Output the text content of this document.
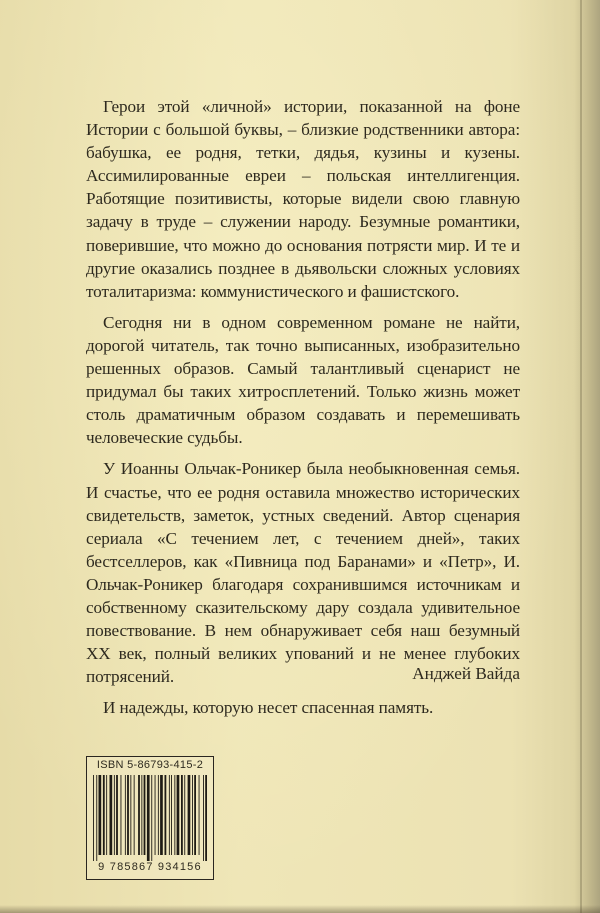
Герои этой «личной» истории, показанной на фоне Истории с большой буквы, – близкие родственники автора: бабушка, ее родня, тетки, дядья, кузины и кузены. Ассимилированные евреи – польская интеллигенция. Работящие позитивисты, которые видели свою главную задачу в труде – служении народу. Безумные романтики, поверившие, что можно до основания потрясти мир. И те и другие оказались позднее в дьявольски сложных условиях тоталитаризма: коммунистического и фашистского.

Сегодня ни в одном современном романе не найти, дорогой читатель, так точно выписанных, изобразительно решенных образов. Самый талантливый сценарист не придумал бы таких хитросплетений. Только жизнь может столь драматичным образом создавать и перемешивать человеческие судьбы.

У Иоанны Ольчак-Роникер была необыкновенная семья. И счастье, что ее родня оставила множество исторических свидетельств, заметок, устных сведений. Автор сценария сериала «С течением лет, с течением дней», таких бестселлеров, как «Пивница под Баранами» и «Петр», И. Ольчак-Роникер благодаря сохранившимся источникам и собственному сказительскому дару создала удивительное повествование. В нем обнаруживает себя наш безумный XX век, полный великих упований и не менее глубоких потрясений.

И надежды, которую несет спасенная память.

Анджей Вайда
ISBN 5-86793-415-2
9 785867 934156
